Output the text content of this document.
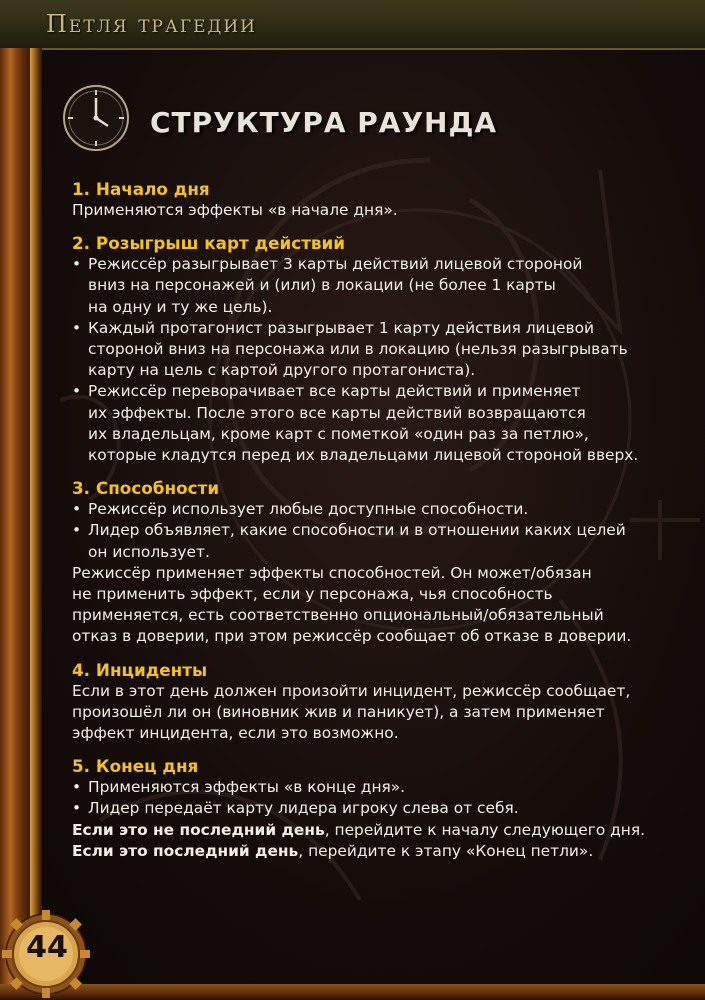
Петля трагедии
СТРУКТУРА РАУНДА
1. Начало дня
Применяются эффекты «в начале дня».
2. Розыгрыш карт действий
• Режиссёр разыгрывает 3 карты действий лицевой стороной
вниз на персонажей и (или) в локации (не более 1 карты
на одну и ту же цель).
• Каждый протагонист разыгрывает 1 карту действия лицевой
стороной вниз на персонажа или в локацию (нельзя разыгрывать
карту на цель с картой другого протагониста).
• Режиссёр переворачивает все карты действий и применяет
их эффекты. После этого все карты действий возвращаются
их владельцам, кроме карт с пометкой «один раз за петлю»,
которые кладутся перед их владельцами лицевой стороной вверх.
3. Способности
• Режиссёр использует любые доступные способности.
• Лидер объявляет, какие способности и в отношении каких целей
он использует.
Режиссёр применяет эффекты способностей. Он может/обязан
не применить эффект, если у персонажа, чья способность
применяется, есть соответственно опциональный/обязательный
отказ в доверии, при этом режиссёр сообщает об отказе в доверии.
4. Инциденты
Если в этот день должен произойти инцидент, режиссёр сообщает,
произошёл ли он (виновник жив и паникует), а затем применяет
эффект инцидента, если это возможно.
5. Конец дня
• Применяются эффекты «в конце дня».
• Лидер передаёт карту лидера игроку слева от себя.
Если это не последний день, перейдите к началу следующего дня.
Если это последний день, перейдите к этапу «Конец петли».
44
